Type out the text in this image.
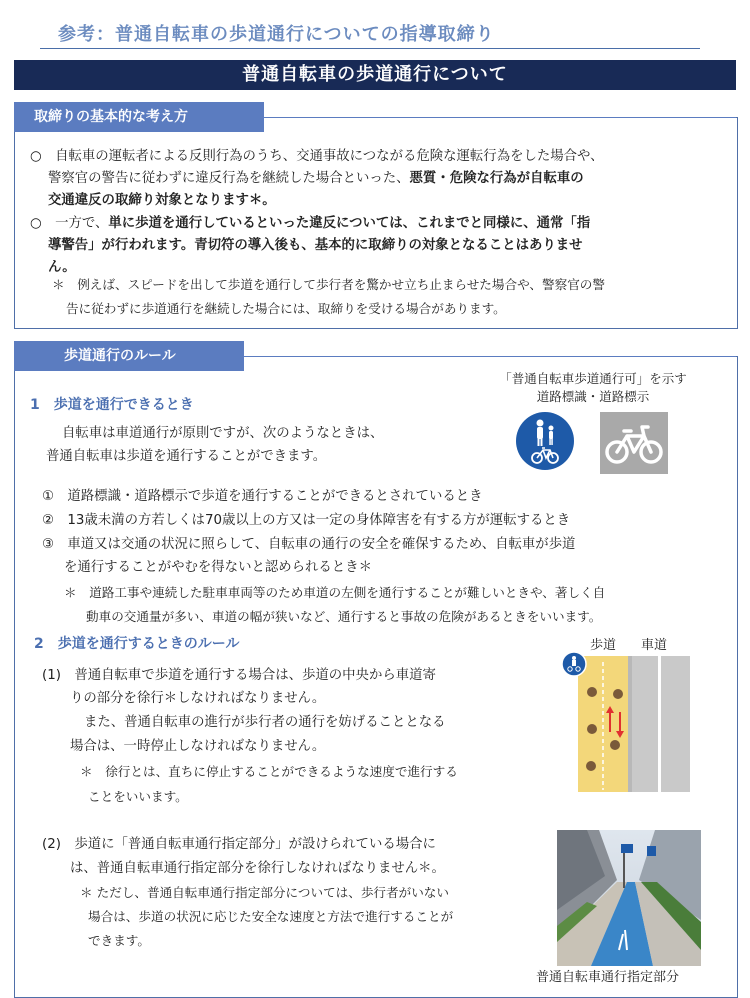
参考：普通自転車の歩道通行についての指導取締り
普通自転車の歩道通行について
取締りの基本的な考え方
○　自転車の運転者による反則行為のうち、交通事故につながる危険な運転行為をした場合や、
警察官の警告に従わずに違反行為を継続した場合といった、悪質・危険な行為が自転車の
交通違反の取締り対象となります＊。
○　一方で、単に歩道を通行しているといった違反については、これまでと同様に、通常「指
導警告」が行われます。青切符の導入後も、基本的に取締りの対象となることはありませ
ん。
＊　例えば、スピードを出して歩道を通行して歩行者を驚かせ立ち止まらせた場合や、警察官の警
告に従わずに歩道通行を継続した場合には、取締りを受ける場合があります。
歩道通行のルール
「普通自転車歩道通行可」を示す
道路標識・道路標示
1　歩道を通行できるとき
自転車は車道通行が原則ですが、次のようなときは、
普通自転車は歩道を通行することができます。
①　道路標識・道路標示で歩道を通行することができるとされているとき
②　13歳未満の方若しくは70歳以上の方又は一定の身体障害を有する方が運転するとき
③　車道又は交通の状況に照らして、自転車の通行の安全を確保するため、自転車が歩道
を通行することがやむを得ないと認められるとき＊
＊　道路工事や連続した駐車車両等のため車道の左側を通行することが難しいときや、著しく自
動車の交通量が多い、車道の幅が狭いなど、通行すると事故の危険があるときをいいます。
2　歩道を通行するときのルール	歩道 車道
(1)　普通自転車で歩道を通行する場合は、歩道の中央から車道寄
りの部分を徐行＊しなければなりません。
また、普通自転車の進行が歩行者の通行を妨げることとなる
場合は、一時停止しなければなりません。
＊　徐行とは、直ちに停止することができるような速度で進行する
ことをいいます。
(2)　歩道に「普通自転車通行指定部分」が設けられている場合に
は、普通自転車通行指定部分を徐行しなければなりません＊。
＊ ただし、普通自転車通行指定部分については、歩行者がいない
場合は、歩道の状況に応じた安全な速度と方法で進行することが
できます。
普通自転車通行指定部分
